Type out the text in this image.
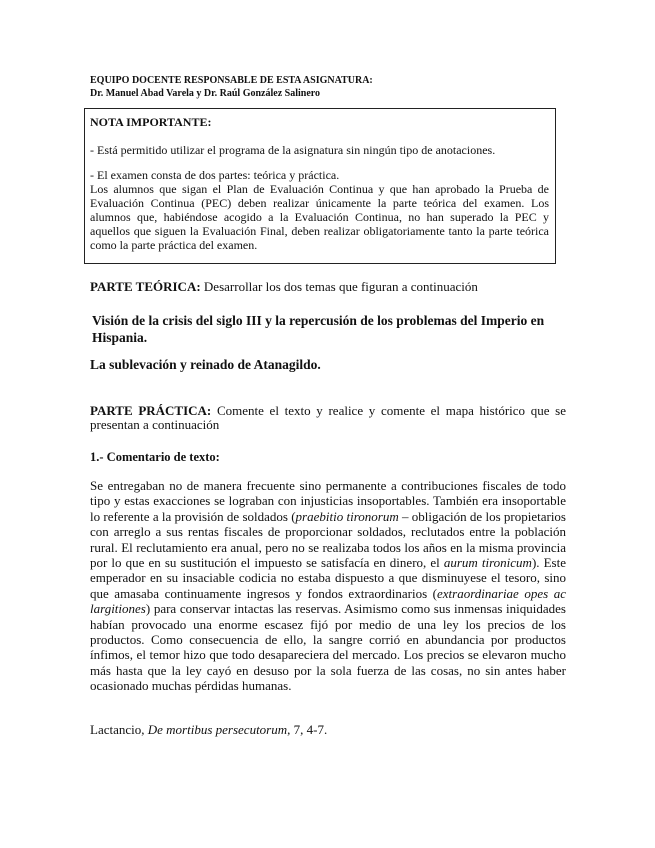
EQUIPO DOCENTE RESPONSABLE DE ESTA ASIGNATURA:
Dr. Manuel Abad Varela y Dr. Raúl González Salinero
NOTA IMPORTANTE:
- Está permitido utilizar el programa de la asignatura sin ningún tipo de anotaciones.
- El examen consta de dos partes: teórica y práctica.
Los alumnos que sigan el Plan de Evaluación Continua y que han aprobado la Prueba de Evaluación Continua (PEC) deben realizar únicamente la parte teórica del examen. Los alumnos que, habiéndose acogido a la Evaluación Continua, no han superado la PEC y aquellos que siguen la Evaluación Final, deben realizar obligatoriamente tanto la parte teórica como la parte práctica del examen.
PARTE TEÓRICA: Desarrollar los dos temas que figuran a continuación
Visión de la crisis del siglo III y la repercusión de los problemas del Imperio en Hispania.
La sublevación y reinado de Atanagildo.
PARTE PRÁCTICA: Comente el texto y realice y comente el mapa histórico que se presentan a continuación
1.- Comentario de texto:
Se entregaban no de manera frecuente sino permanente a contribuciones fiscales de todo tipo y estas exacciones se lograban con injusticias insoportables. También era insoportable lo referente a la provisión de soldados (praebitio tironorum – obligación de los propietarios con arreglo a sus rentas fiscales de proporcionar soldados, reclutados entre la población rural. El reclutamiento era anual, pero no se realizaba todos los años en la misma provincia por lo que en su sustitución el impuesto se satisfacía en dinero, el aurum tironicum). Este emperador en su insaciable codicia no estaba dispuesto a que disminuyese el tesoro, sino que amasaba continuamente ingresos y fondos extraordinarios (extraordinariae opes ac largitiones) para conservar intactas las reservas. Asimismo como sus inmensas iniquidades habían provocado una enorme escasez fijó por medio de una ley los precios de los productos. Como consecuencia de ello, la sangre corrió en abundancia por productos ínfimos, el temor hizo que todo desapareciera del mercado. Los precios se elevaron mucho más hasta que la ley cayó en desuso por la sola fuerza de las cosas, no sin antes haber ocasionado muchas pérdidas humanas.
Lactancio, De mortibus persecutorum, 7, 4-7.
